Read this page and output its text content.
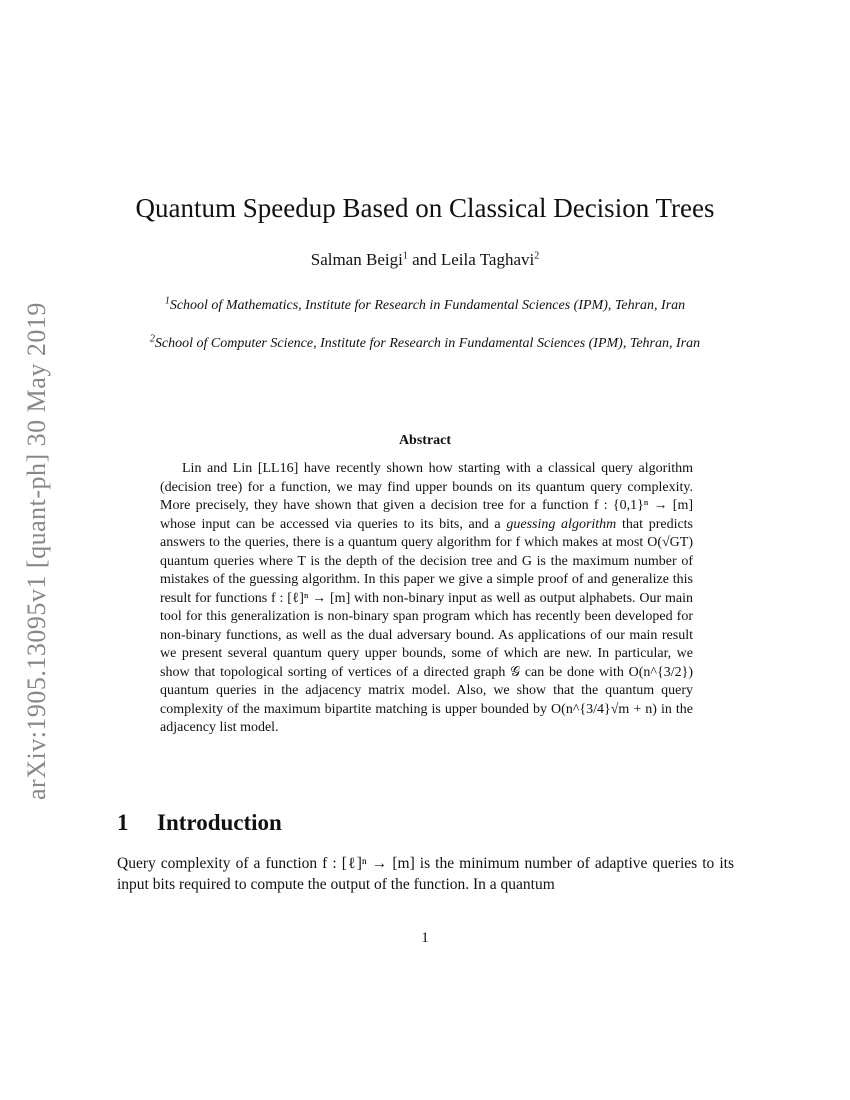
arXiv:1905.13095v1 [quant-ph] 30 May 2019
Quantum Speedup Based on Classical Decision Trees
Salman Beigi$^1$ and Leila Taghavi$^2$
$^1$School of Mathematics, Institute for Research in Fundamental Sciences (IPM), Tehran, Iran
$^2$School of Computer Science, Institute for Research in Fundamental Sciences (IPM), Tehran, Iran
Abstract
Lin and Lin [LL16] have recently shown how starting with a classical query algorithm (decision tree) for a function, we may find upper bounds on its quantum query complexity. More precisely, they have shown that given a decision tree for a function f : {0,1}ⁿ → [m] whose input can be accessed via queries to its bits, and a guessing algorithm that predicts answers to the queries, there is a quantum query algorithm for f which makes at most O(√GT) quantum queries where T is the depth of the decision tree and G is the maximum number of mistakes of the guessing algorithm. In this paper we give a simple proof of and generalize this result for functions f : [ℓ]ⁿ → [m] with non-binary input as well as output alphabets. Our main tool for this generalization is non-binary span program which has recently been developed for non-binary functions, as well as the dual adversary bound. As applications of our main result we present several quantum query upper bounds, some of which are new. In particular, we show that topological sorting of vertices of a directed graph 𝒢 can be done with O(n^{3/2}) quantum queries in the adjacency matrix model. Also, we show that the quantum query complexity of the maximum bipartite matching is upper bounded by O(n^{3/4}√m + n) in the adjacency list model.
1 Introduction
Query complexity of a function f : [ℓ]ⁿ → [m] is the minimum number of adaptive queries to its input bits required to compute the output of the function. In a quantum
1
